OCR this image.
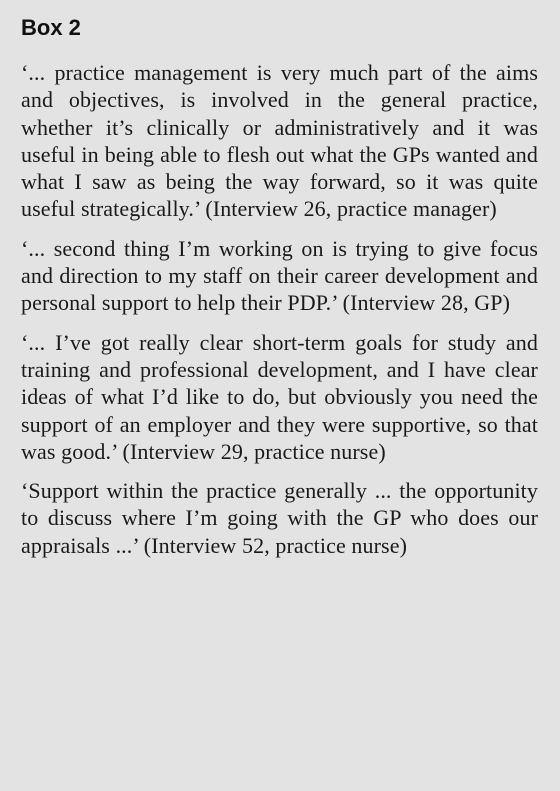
Box 2

‘... practice management is very much part of the aims and objectives, is involved in the general practice, whether it’s clinically or administratively and it was useful in being able to flesh out what the GPs wanted and what I saw as being the way forward, so it was quite useful strategically.’ (Interview 26, practice manager)

‘... second thing I’m working on is trying to give focus and direction to my staff on their career development and personal support to help their PDP.’ (Interview 28, GP)

‘... I’ve got really clear short-term goals for study and training and professional development, and I have clear ideas of what I’d like to do, but obviously you need the support of an employer and they were supportive, so that was good.’ (Interview 29, practice nurse)

‘Support within the practice generally ... the opportunity to discuss where I’m going with the GP who does our appraisals ...’ (Interview 52, practice nurse)
